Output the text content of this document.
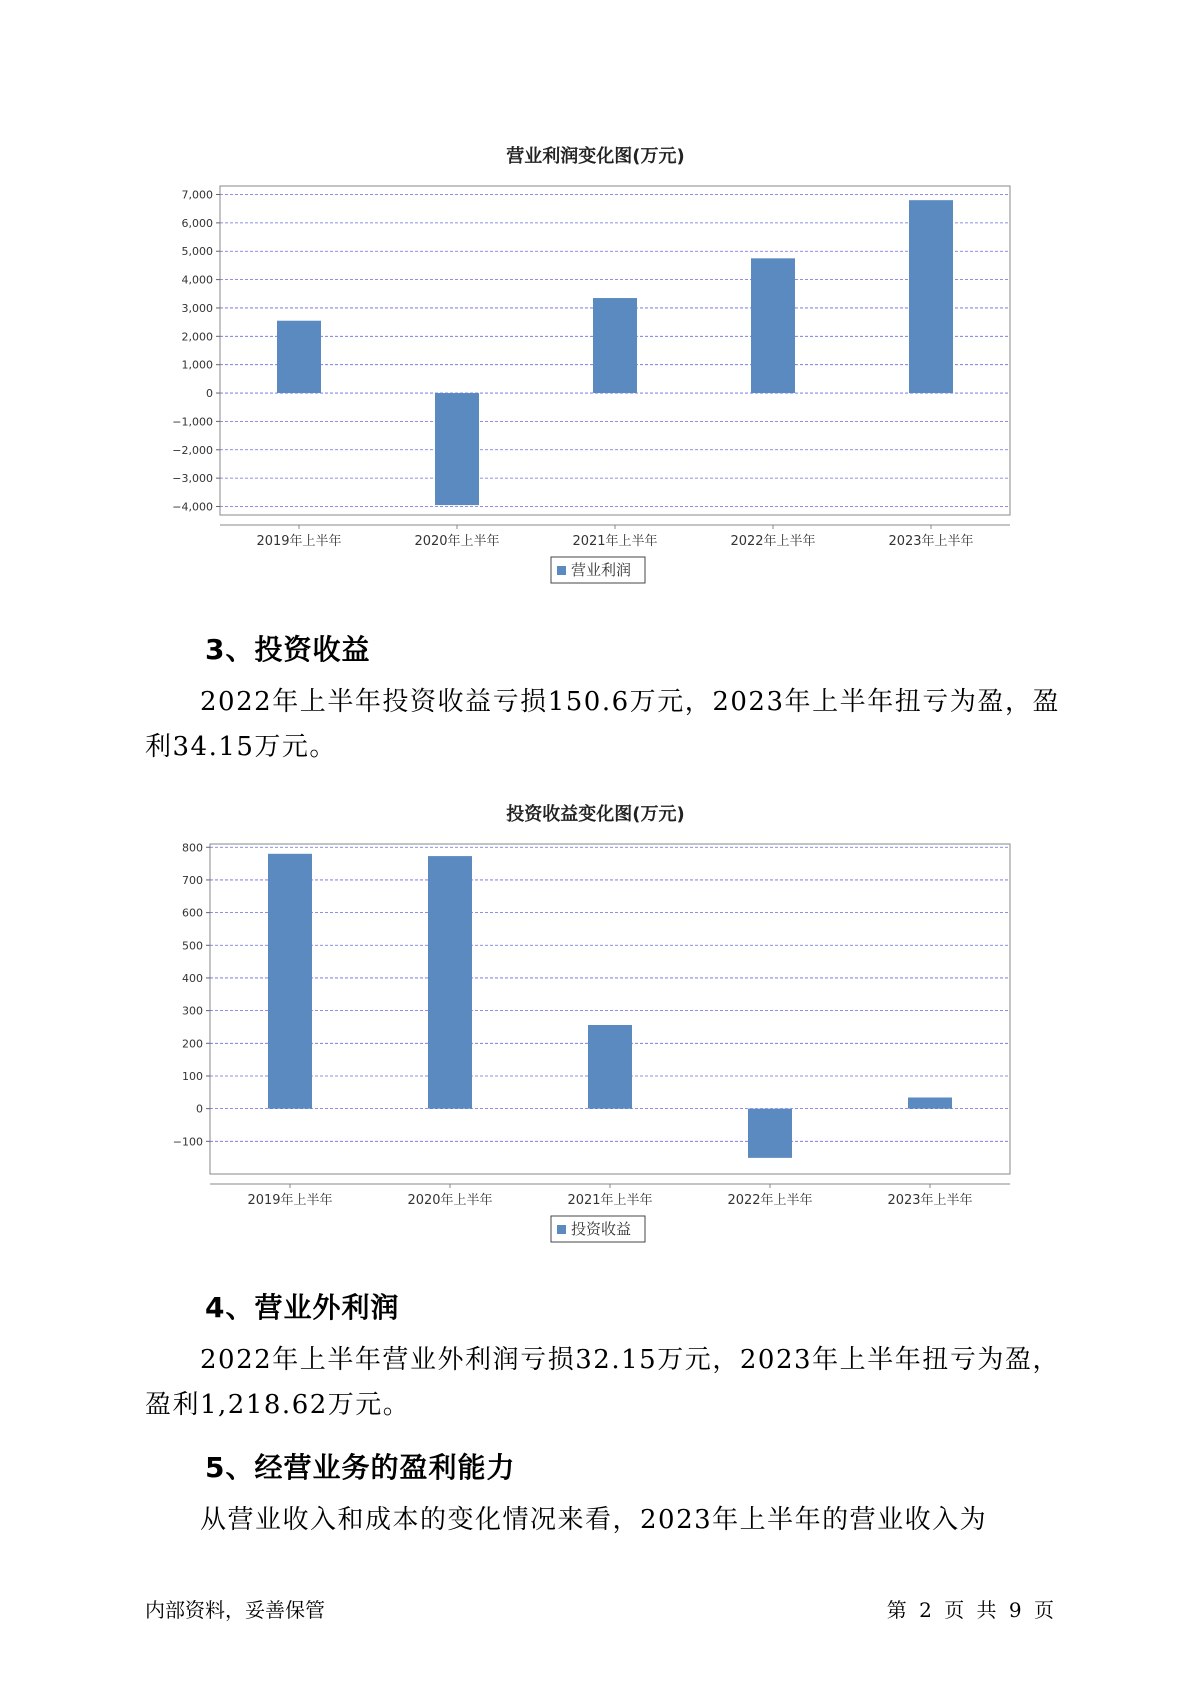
营业利润变化图(万元)
7,000
6,000
5,000
4,000
3,000
2,000
1,000
0
−1,000
−2,000
−3,000
−4,000
2019年上半年	2020年上半年	2021年上半年	2022年上半年	2023年上半年
营业利润
3、投资收益
2022年上半年投资收益亏损150.6万元，2023年上半年扭亏为盈，盈利34.15万元。
投资收益变化图(万元)
800
700
600
500
400
300
200
100
0
−100
2019年上半年	2020年上半年	2021年上半年	2022年上半年	2023年上半年
投资收益
4、营业外利润
2022年上半年营业外利润亏损32.15万元，2023年上半年扭亏为盈，盈利1,218.62万元。
5、经营业务的盈利能力
从营业收入和成本的变化情况来看，2023年上半年的营业收入为
内部资料，妥善保管	第 2 页 共 9 页
